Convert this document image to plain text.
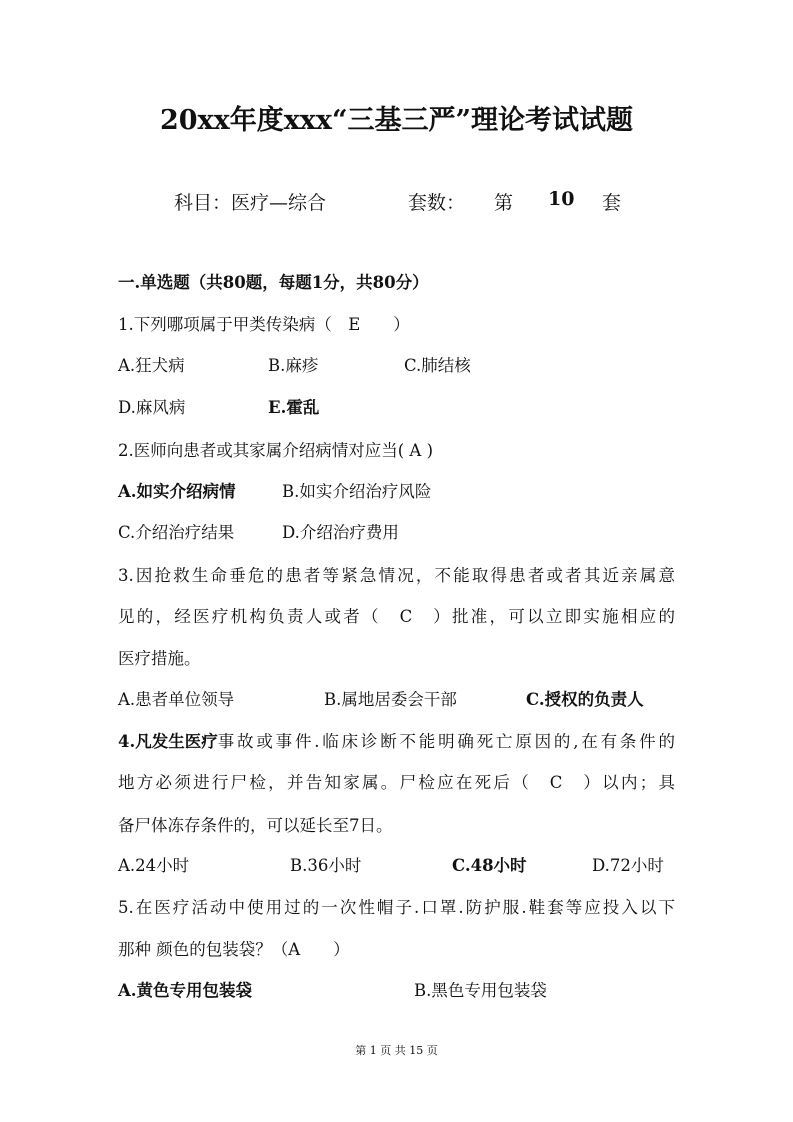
20xx年度xxx“三基三严”理论考试试题
科目：医疗—综合	套数： 第 10 套
一.单选题（共80题，每题1分，共80分）
1.下列哪项属于甲类传染病（　E　　）
A.狂犬病	B.麻疹	C.肺结核
D.麻风病	E.霍乱
2.医师向患者或其家属介绍病情对应当( A )
A.如实介绍病情	B.如实介绍治疗风险
C.介绍治疗结果	D.介绍治疗费用
3.因抢救生命垂危的患者等紧急情况，不能取得患者或者其近亲属意
见的，经医疗机构负责人或者（　C　）批准，可以立即实施相应的
医疗措施。
A.患者单位领导	B.属地居委会干部	C.授权的负责人
4.凡发生医疗 事故或事件.临床诊断不能明确死亡原因的,在有条件的
地方必须进行尸检，并告知家属。尸检应在死后（　C　）以内；具
备尸体冻存条件的，可以延长至7日。
A.24小时	B.36小时	C.48小时	D.72小时
5.在医疗活动中使用过的一次性帽子.口罩.防护服.鞋套等应投入以下
那种 颜色的包装袋？（A　　）
A.黄色专用包装袋	B.黑色专用包装袋
第 1 页 共 15 页
